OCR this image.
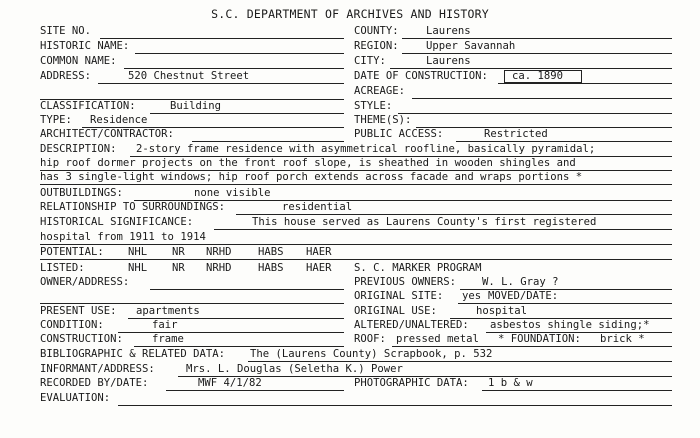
S.C. DEPARTMENT OF ARCHIVES AND HISTORY
SITE NO.
HISTORIC NAME:
COMMON NAME:
ADDRESS:	520 Chestnut Street
CLASSIFICATION:	Building
TYPE: Residence
ARCHITECT/CONTRACTOR:
DESCRIPTION: 2-story frame residence with asymmetrical roofline, basically pyramidal;
hip roof dormer projects on the front roof slope, is sheathed in wooden shingles and
has 3 single-light windows; hip roof porch extends across facade and wraps portions *
OUTBUILDINGS:	none visible
RELATIONSHIP TO SURROUNDINGS:	residential
HISTORICAL SIGNIFICANCE:	This house served as Laurens County's first registered
hospital from 1911 to 1914
POTENTIAL: NHL NR NRHD HABS HAER
LISTED:	NHL NR NRHD HABS HAER
OWNER/ADDRESS:
PRESENT USE: apartments
CONDITION:	fair
CONSTRUCTION:	frame
BIBLIOGRAPHIC & RELATED DATA: The (Laurens County) Scrapbook, p. 532
INFORMANT/ADDRESS:	Mrs. L. Douglas (Seletha K.) Power
RECORDED BY/DATE:	MWF 4/1/82
EVALUATION:
COUNTY:	Laurens
REGION:	Upper Savannah
CITY:	Laurens
DATE OF CONSTRUCTION: ca. 1890
ACREAGE:
STYLE:
THEME(S):
PUBLIC ACCESS:	Restricted
S. C. MARKER PROGRAM
PREVIOUS OWNERS: W. L. Gray ?
ORIGINAL SITE: yes MOVED/DATE:
ORIGINAL USE:	hospital
ALTERED/UNALTERED: asbestos shingle siding;*
ROOF: pressed metal * FOUNDATION: brick *
PHOTOGRAPHIC DATA: 1 b & w
